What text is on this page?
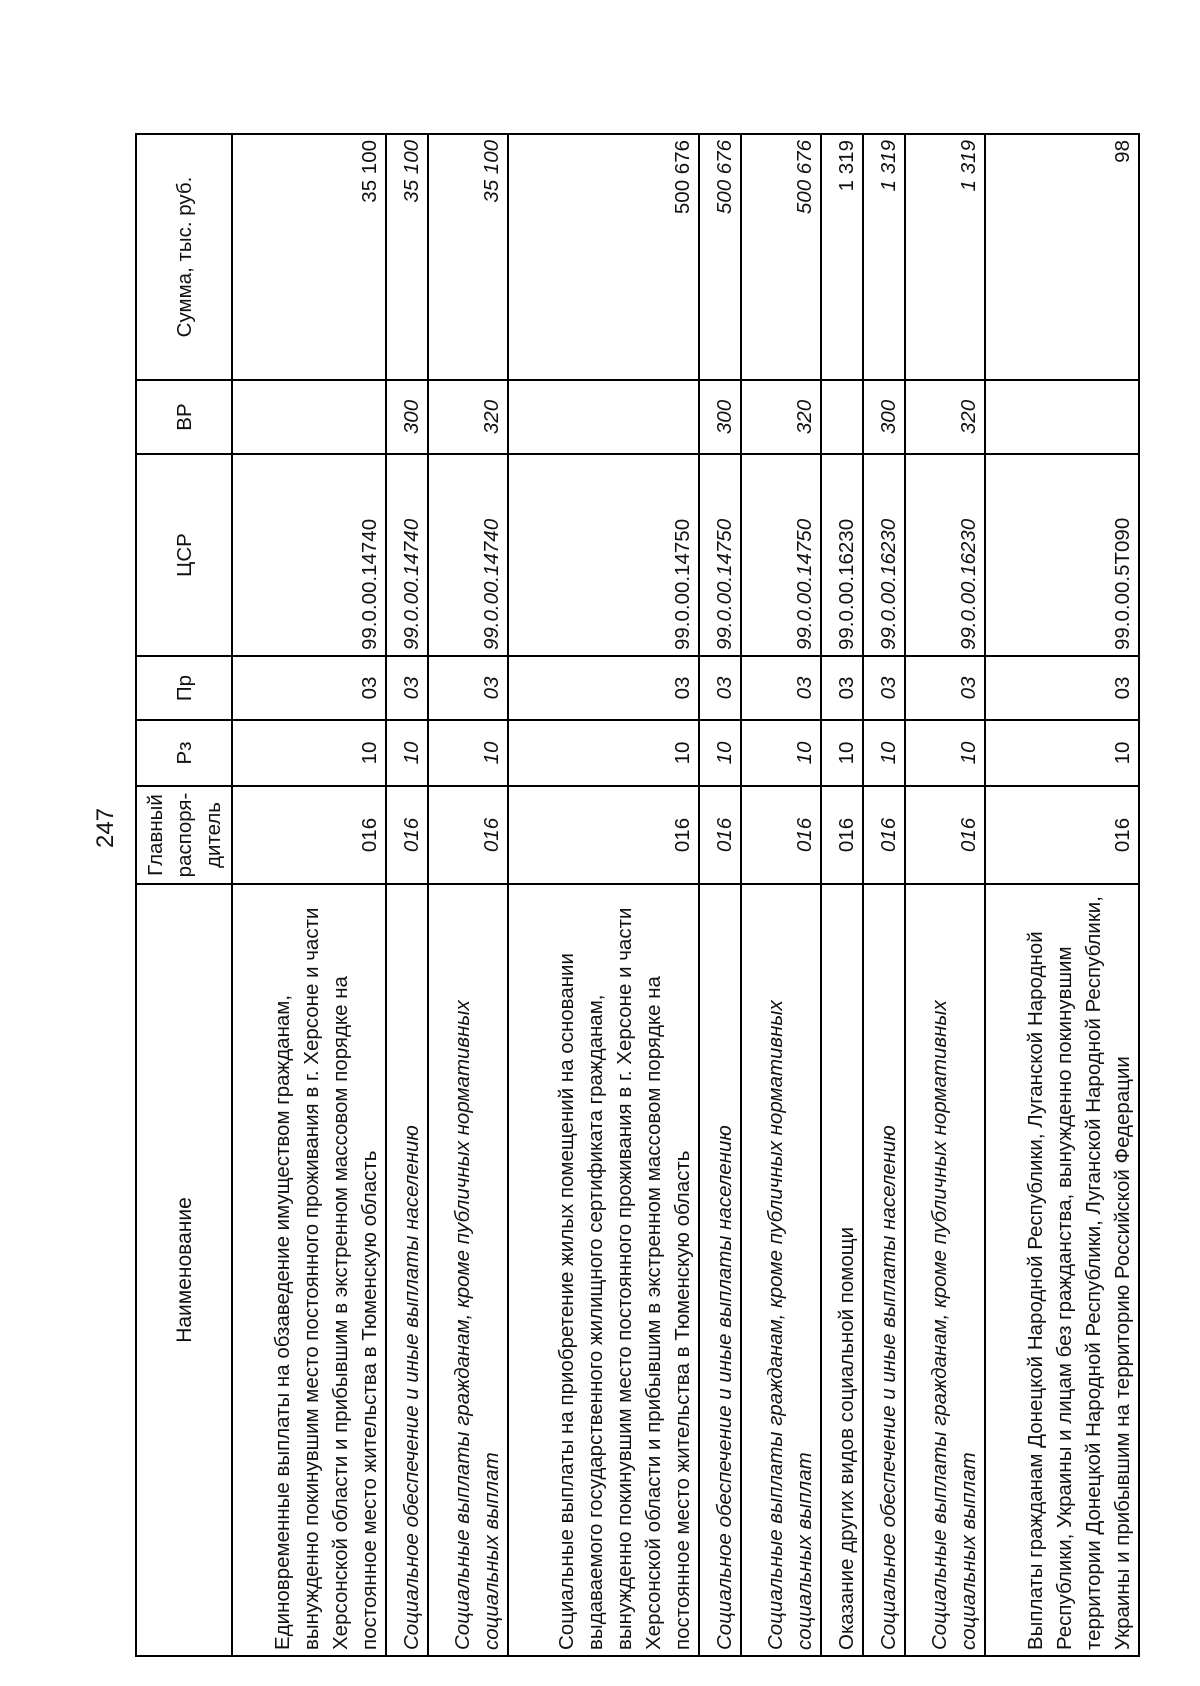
247
Наименование	Главный распоря-дитель	Рз	Пр	ЦСР	ВР	Сумма, тыс. руб.
Единовременные выплаты на обзаведение имуществом гражданам, вынужденно покинувшим место постоянного проживания в г. Херсоне и части Херсонской области и прибывшим в экстренном массовом порядке на постоянное место жительства в Тюменскую область	016	10	03	99.0.00.14740		35 100
Социальное обеспечение и иные выплаты населению	016	10	03	99.0.00.14740	300	35 100
Социальные выплаты гражданам, кроме публичных нормативных социальных выплат	016	10	03	99.0.00.14740	320	35 100
Социальные выплаты на приобретение жилых помещений на основании выдаваемого государственного жилищного сертификата гражданам, вынужденно покинувшим место постоянного проживания в г. Херсоне и части Херсонской области и прибывшим в экстренном массовом порядке на постоянное место жительства в Тюменскую область	016	10	03	99.0.00.14750		500 676
Социальное обеспечение и иные выплаты населению	016	10	03	99.0.00.14750	300	500 676
Социальные выплаты гражданам, кроме публичных нормативных социальных выплат	016	10	03	99.0.00.14750	320	500 676
Оказание других видов социальной помощи	016	10	03	99.0.00.16230		1 319
Социальное обеспечение и иные выплаты населению	016	10	03	99.0.00.16230	300	1 319
Социальные выплаты гражданам, кроме публичных нормативных социальных выплат	016	10	03	99.0.00.16230	320	1 319
Выплаты гражданам Донецкой Народной Республики, Луганской Народной Республики, Украины и лицам без гражданства, вынужденно покинувшим территории Донецкой Народной Республики, Луганской Народной Республики, Украины и прибывшим на территорию Российской Федерации	016	10	03	99.0.00.5Т090		98
